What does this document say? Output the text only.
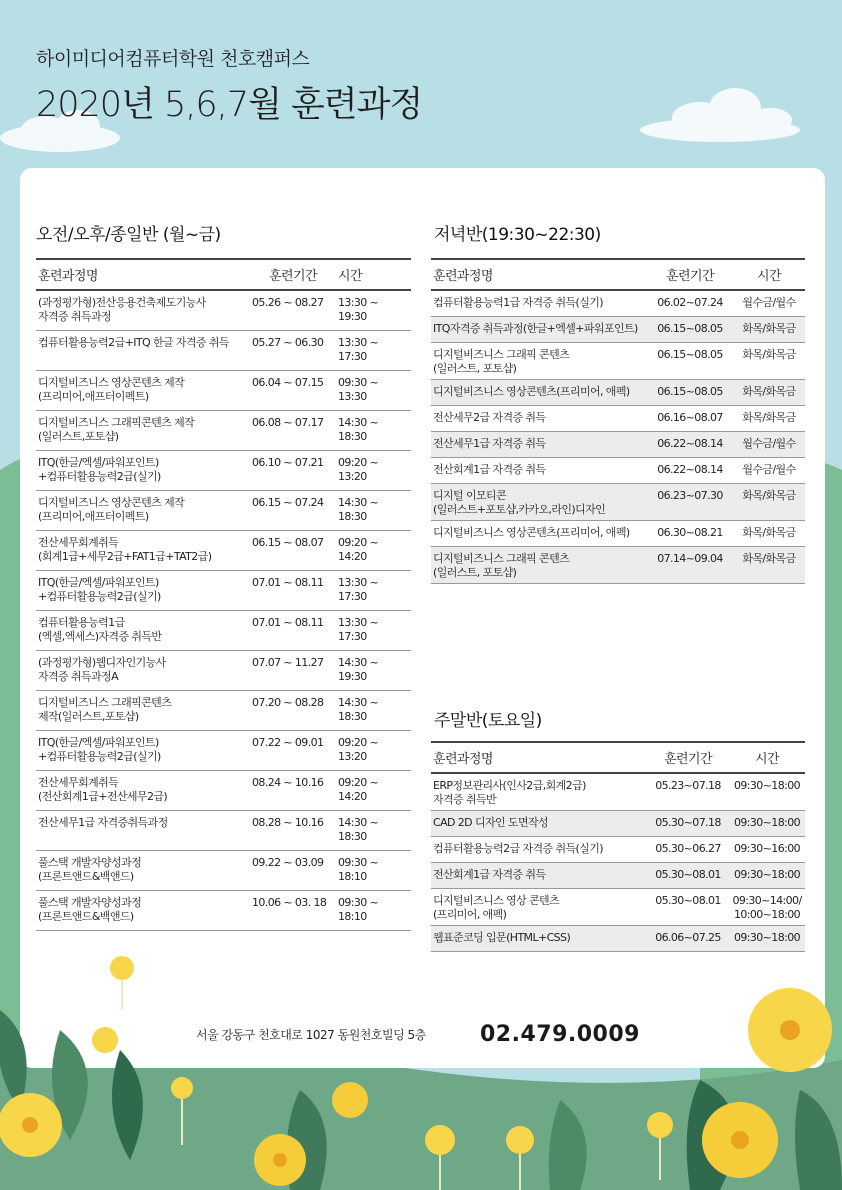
하이미디어컴퓨터학원 천호캠퍼스
2020년 5,6,7월 훈련과정
오전/오후/종일반 (월~금)
훈련과정명	훈련기간	시간
(과정평가형)전산응용건축제도기능사
자격증 취득과정	05.26 ~ 08.27	13:30 ~ 19:30
컴퓨터활용능력2급+ITQ 한글 자격증 취득	05.27 ~ 06.30	13:30 ~ 17:30
디지털비즈니스 영상콘텐츠 제작
(프리미어,애프터이펙트)	06.04 ~ 07.15	09:30 ~ 13:30
디지털비즈니스 그래픽콘텐츠 제작
(일러스트,포토샵)	06.08 ~ 07.17	14:30 ~ 18:30
ITQ(한글/엑셀/파워포인트)
+컴퓨터활용능력2급(실기)	06.10 ~ 07.21	09:20 ~ 13:20
디지털비즈니스 영상콘텐츠 제작
(프리미어,애프터이펙트)	06.15 ~ 07.24	14:30 ~ 18:30
전산세무회계취득
(회계1급+세무2급+FAT1급+TAT2급)	06.15 ~ 08.07	09:20 ~ 14:20
ITQ(한글/엑셀/파워포인트)
+컴퓨터활용능력2급(실기)	07.01 ~ 08.11	13:30 ~ 17:30
컴퓨터활용능력1급
(엑셀,엑세스)자격증 취득반	07.01 ~ 08.11	13:30 ~ 17:30
(과정평가형)웹디자인기능사
자격증 취득과정A	07.07 ~ 11.27	14:30 ~ 19:30
디지털비즈니스 그래픽콘텐츠
제작(일러스트,포토샵)	07.20 ~ 08.28	14:30 ~ 18:30
ITQ(한글/엑셀/파워포인트)
+컴퓨터활용능력2급(실기)	07.22 ~ 09.01	09:20 ~ 13:20
전산세무회계취득
(전산회계1급+전산세무2급)	08.24 ~ 10.16	09:20 ~ 14:20
전산세무1급 자격증취득과정	08.28 ~ 10.16	14:30 ~ 18:30
풀스택 개발자양성과정
(프론트앤드&백앤드)	09.22 ~ 03.09	09:30 ~ 18:10
풀스택 개발자양성과정
(프론트앤드&백앤드)	10.06 ~ 03. 18	09:30 ~ 18:10
저녁반(19:30~22:30)
훈련과정명	훈련기간	시간
컴퓨터활용능력1급 자격증 취득(실기)	06.02~07.24	월수금/월수
ITQ자격증 취득과정(한글+엑셀+파워포인트)	06.15~08.05	화목/화목금
디지털비즈니스 그래픽 콘텐츠
(일러스트, 포토샵)	06.15~08.05	화목/화목금
디지털비즈니스 영상콘텐츠(프리미어, 애펙)	06.15~08.05	화목/화목금
전산세무2급 자격증 취득	06.16~08.07	화목/화목금
전산세무1급 자격증 취득	06.22~08.14	월수금/월수
전산회계1급 자격증 취득	06.22~08.14	월수금/월수
디지털 이모티콘
(일러스트+포토샵,카카오,라인)디자인	06.23~07.30	화목/화목금
디지털비즈니스 영상콘텐츠(프리미어, 애펙)	06.30~08.21	화목/화목금
디지털비즈니스 그래픽 콘텐츠
(일러스트, 포토샵)	07.14~09.04	화목/화목금
주말반(토요일)
훈련과정명	훈련기간	시간
ERP정보관리사(인사2급,회계2급)
자격증 취득반	05.23~07.18	09:30~18:00
CAD 2D 디자인 도면작성	05.30~07.18	09:30~18:00
컴퓨터활용능력2급 자격증 취득(실기)	05.30~06.27	09:30~16:00
전산회계1급 자격증 취득	05.30~08.01	09:30~18:00
디지털비즈니스 영상 콘텐츠
(프리미어, 애펙)	05.30~08.01	09:30~14:00/
10:00~18:00
웹표준코딩 입문(HTML+CSS)	06.06~07.25	09:30~18:00
서울 강동구 천호대로 1027 동원천호빌딩 5층 02.479.0009
